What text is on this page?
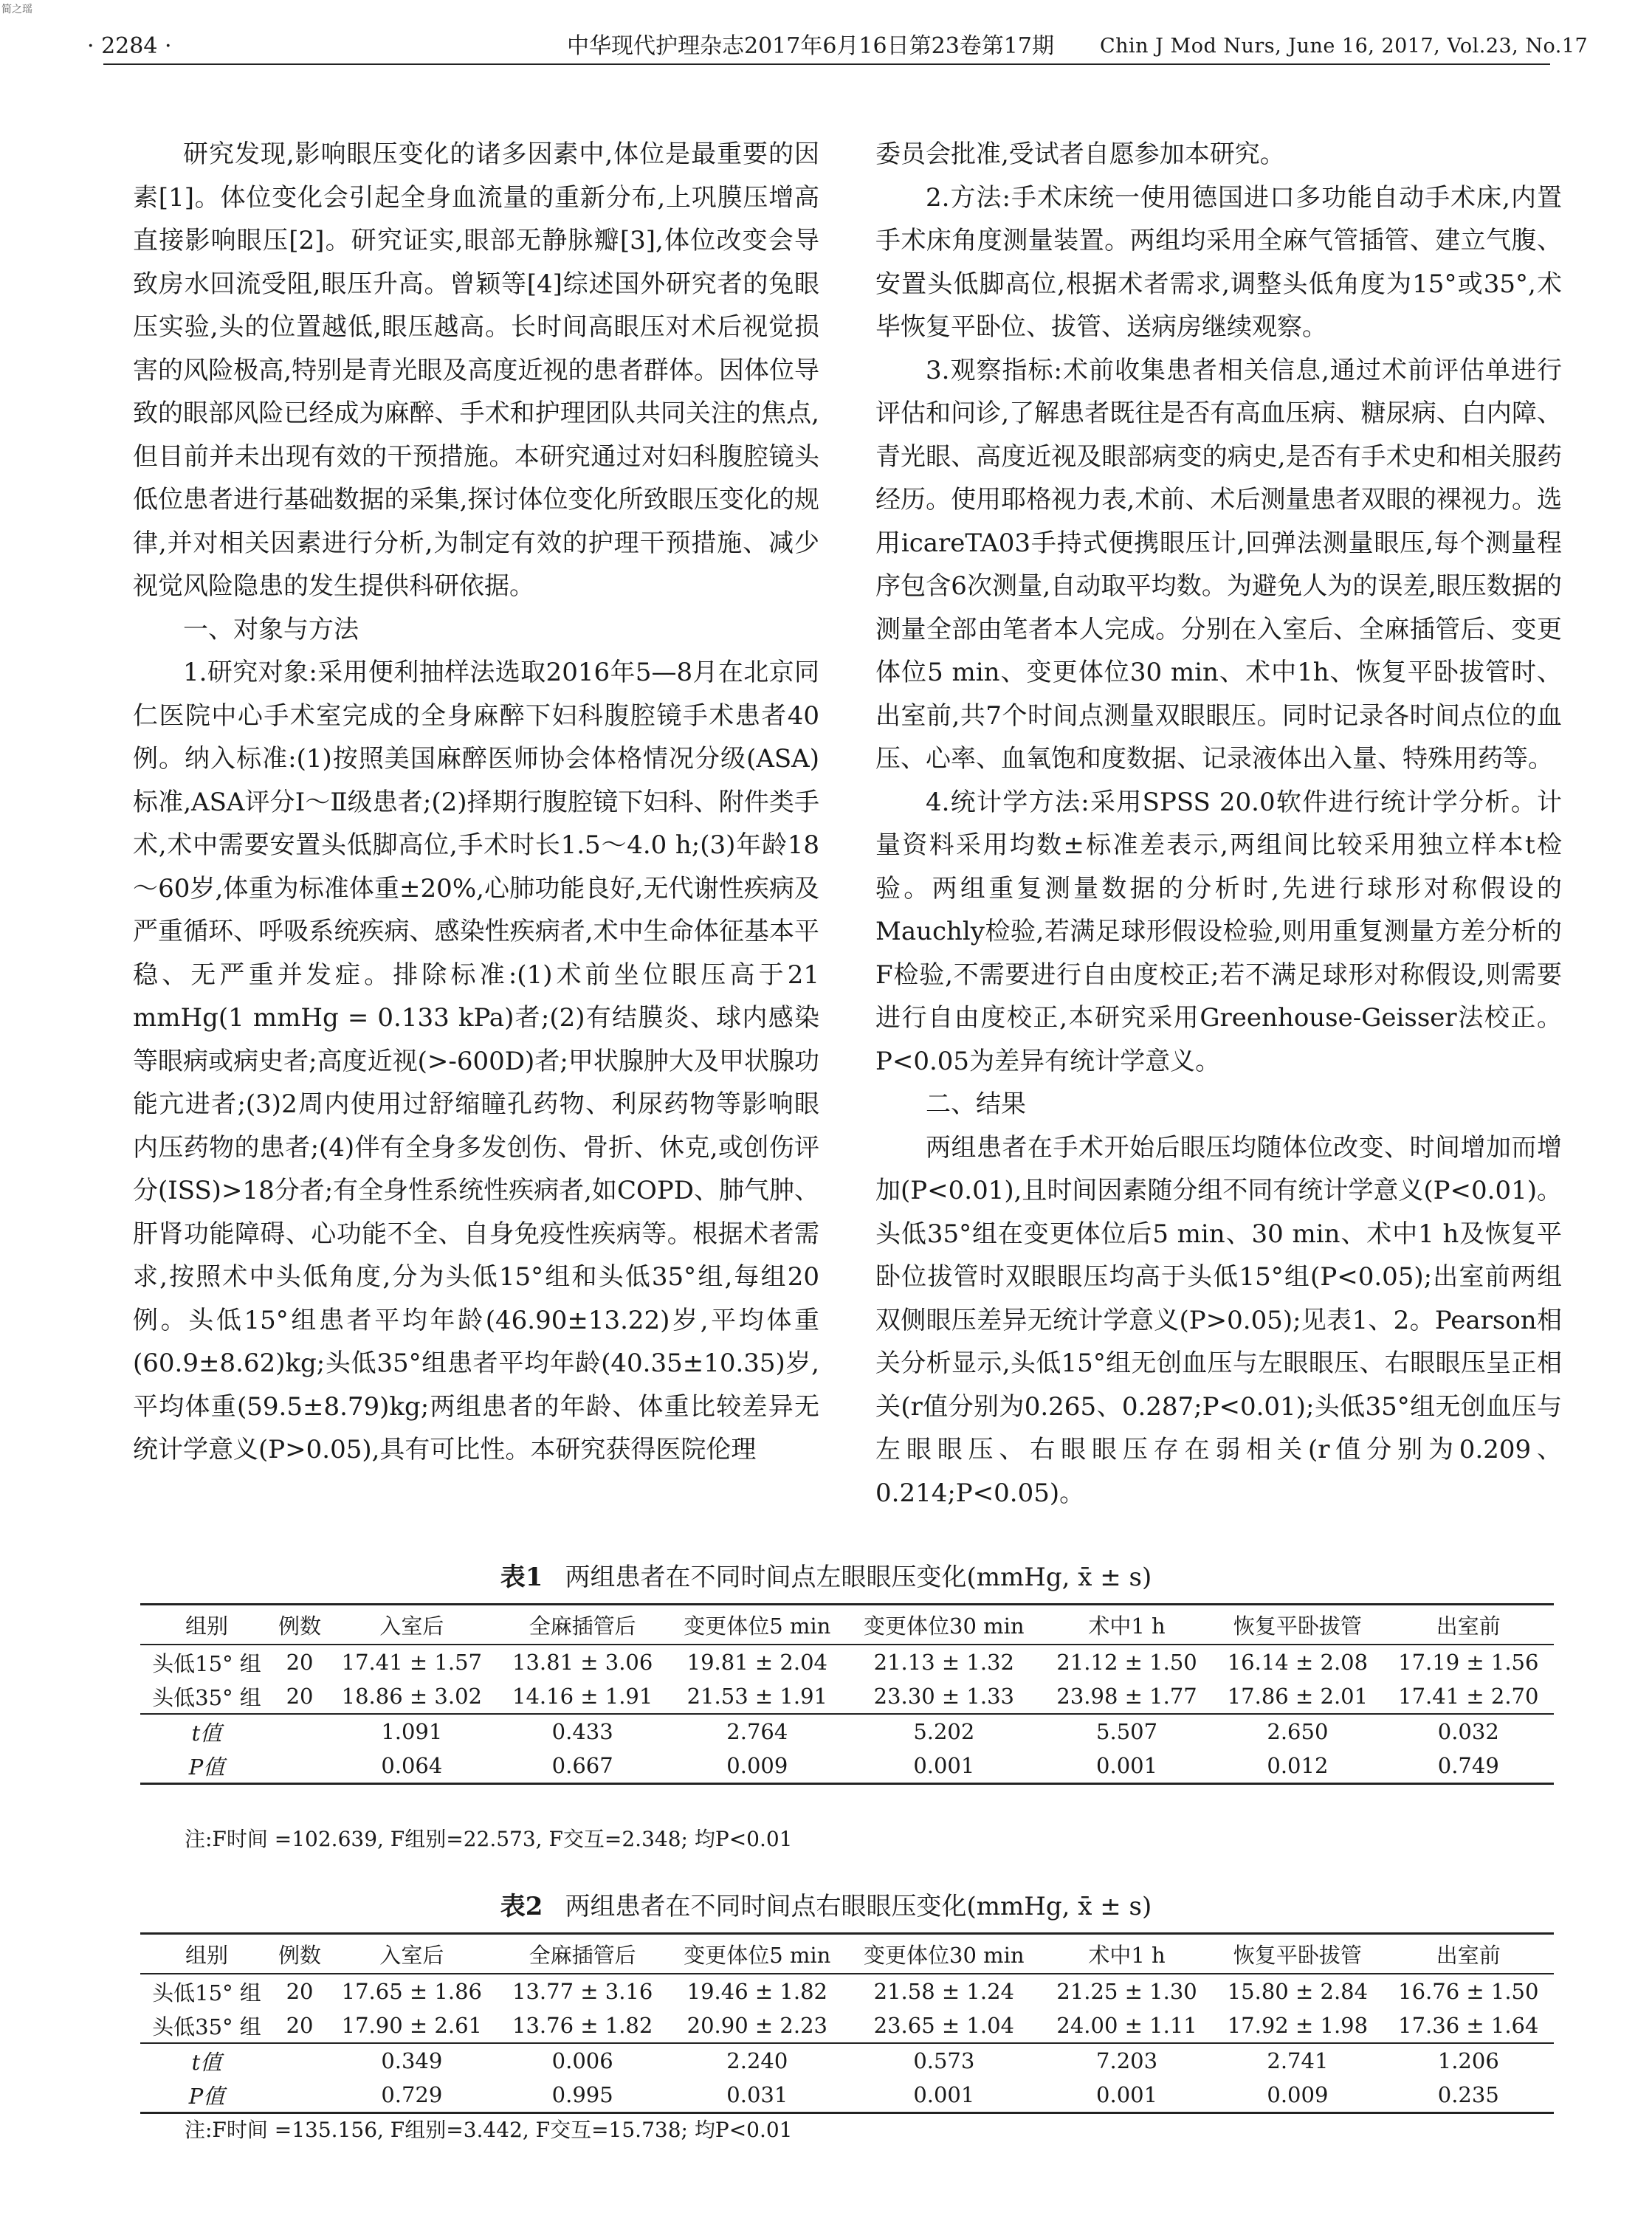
简之瑶
· 2284 ·	中华现代护理杂志2017年6月16日第23卷第17期 Chin J Mod Nurs, June 16, 2017, Vol.23, No.17

研究发现,影响眼压变化的诸多因素中,体位是最重要的因素[1]。体位变化会引起全身血流量的重新分布,上巩膜压增高直接影响眼压[2]。研究证实,眼部无静脉瓣[3],体位改变会导致房水回流受阻,眼压升高。曾颖等[4]综述国外研究者的兔眼压实验,头的位置越低,眼压越高。长时间高眼压对术后视觉损害的风险极高,特别是青光眼及高度近视的患者群体。因体位导致的眼部风险已经成为麻醉、手术和护理团队共同关注的焦点,但目前并未出现有效的干预措施。本研究通过对妇科腹腔镜头低位患者进行基础数据的采集,探讨体位变化所致眼压变化的规律,并对相关因素进行分析,为制定有效的护理干预措施、减少视觉风险隐患的发生提供科研依据。

一、对象与方法

1.研究对象:采用便利抽样法选取2016年5—8月在北京同仁医院中心手术室完成的全身麻醉下妇科腹腔镜手术患者40例。纳入标准:(1)按照美国麻醉医师协会体格情况分级(ASA)标准,ASA评分Ⅰ～Ⅱ级患者;(2)择期行腹腔镜下妇科、附件类手术,术中需要安置头低脚高位,手术时长1.5～4.0 h;(3)年龄18～60岁,体重为标准体重±20%,心肺功能良好,无代谢性疾病及严重循环、呼吸系统疾病、感染性疾病者,术中生命体征基本平稳、无严重并发症。排除标准:(1)术前坐位眼压高于21 mmHg(1 mmHg = 0.133 kPa)者;(2)有结膜炎、球内感染等眼病或病史者;高度近视(>-600D)者;甲状腺肿大及甲状腺功能亢进者;(3)2周内使用过舒缩瞳孔药物、利尿药物等影响眼内压药物的患者;(4)伴有全身多发创伤、骨折、休克,或创伤评分(ISS)>18分者;有全身性系统性疾病者,如COPD、肺气肿、肝肾功能障碍、心功能不全、自身免疫性疾病等。根据术者需求,按照术中头低角度,分为头低15°组和头低35°组,每组20例。头低15°组患者平均年龄(46.90±13.22)岁,平均体重(60.9±8.62)kg;头低35°组患者平均年龄(40.35±10.35)岁,平均体重(59.5±8.79)kg;两组患者的年龄、体重比较差异无统计学意义(P>0.05),具有可比性。本研究获得医院伦理

委员会批准,受试者自愿参加本研究。

2.方法:手术床统一使用德国进口多功能自动手术床,内置手术床角度测量装置。两组均采用全麻气管插管、建立气腹、安置头低脚高位,根据术者需求,调整头低角度为15°或35°,术毕恢复平卧位、拔管、送病房继续观察。

3.观察指标:术前收集患者相关信息,通过术前评估单进行评估和问诊,了解患者既往是否有高血压病、糖尿病、白内障、青光眼、高度近视及眼部病变的病史,是否有手术史和相关服药经历。使用耶格视力表,术前、术后测量患者双眼的裸视力。选用icareTA03手持式便携眼压计,回弹法测量眼压,每个测量程序包含6次测量,自动取平均数。为避免人为的误差,眼压数据的测量全部由笔者本人完成。分别在入室后、全麻插管后、变更体位5 min、变更体位30 min、术中1h、恢复平卧拔管时、出室前,共7个时间点测量双眼眼压。同时记录各时间点位的血压、心率、血氧饱和度数据、记录液体出入量、特殊用药等。

4.统计学方法:采用SPSS 20.0软件进行统计学分析。计量资料采用均数±标准差表示,两组间比较采用独立样本t检验。两组重复测量数据的分析时,先进行球形对称假设的Mauchly检验,若满足球形假设检验,则用重复测量方差分析的F检验,不需要进行自由度校正;若不满足球形对称假设,则需要进行自由度校正,本研究采用Greenhouse-Geisser法校正。P<0.05为差异有统计学意义。

二、结果

两组患者在手术开始后眼压均随体位改变、时间增加而增加(P<0.01),且时间因素随分组不同有统计学意义(P<0.01)。头低35°组在变更体位后5 min、30 min、术中1 h及恢复平卧位拔管时双眼眼压均高于头低15°组(P<0.05);出室前两组双侧眼压差异无统计学意义(P>0.05);见表1、2。Pearson相关分析显示,头低15°组无创血压与左眼眼压、右眼眼压呈正相关(r值分别为0.265、0.287;P<0.01);头低35°组无创血压与左眼眼压、右眼眼压存在弱相关(r值分别为0.209、0.214;P<0.05)。

表1 两组患者在不同时间点左眼眼压变化(mmHg, x̄ ± s)
组别	例数	入室后	全麻插管后	变更体位5 min	变更体位30 min	术中1 h	恢复平卧拔管	出室前
头低15° 组	20	17.41 ± 1.57	13.81 ± 3.06	19.81 ± 2.04	21.13 ± 1.32	21.12 ± 1.50	16.14 ± 2.08	17.19 ± 1.56
头低35° 组	20	18.86 ± 3.02	14.16 ± 1.91	21.53 ± 1.91	23.30 ± 1.33	23.98 ± 1.77	17.86 ± 2.01	17.41 ± 2.70
t值		1.091	0.433	2.764	5.202	5.507	2.650	0.032
P值		0.064	0.667	0.009	0.001	0.001	0.012	0.749
注:F时间 =102.639, F组别=22.573, F交互=2.348; 均P<0.01
表2 两组患者在不同时间点右眼眼压变化(mmHg, x̄ ± s)
组别	例数	入室后	全麻插管后	变更体位5 min	变更体位30 min	术中1 h	恢复平卧拔管	出室前
头低15° 组	20	17.65 ± 1.86	13.77 ± 3.16	19.46 ± 1.82	21.58 ± 1.24	21.25 ± 1.30	15.80 ± 2.84	16.76 ± 1.50
头低35° 组	20	17.90 ± 2.61	13.76 ± 1.82	20.90 ± 2.23	23.65 ± 1.04	24.00 ± 1.11	17.92 ± 1.98	17.36 ± 1.64
t值		0.349	0.006	2.240	0.573	7.203	2.741	1.206
P值		0.729	0.995	0.031	0.001	0.001	0.009	0.235
注:F时间 =135.156, F组别=3.442, F交互=15.738; 均P<0.01
